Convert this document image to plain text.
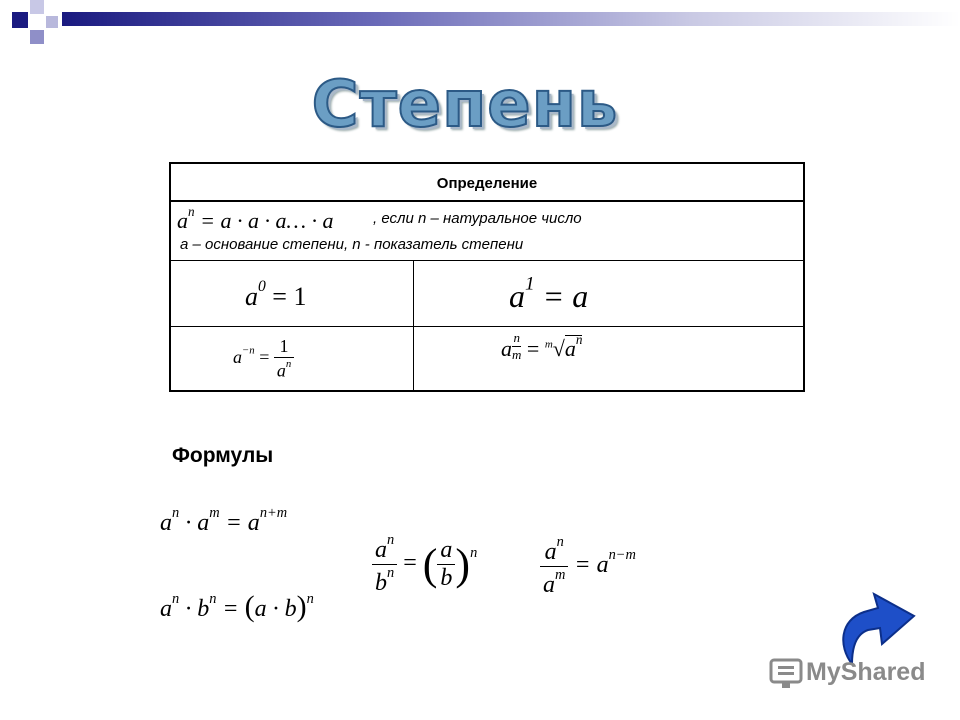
Степень
Определение
$a^n = a \cdot a$ · a… · a	, если n – натуральное число
a – основание степени, n - показатель степени
$a^0 = 1$	$a^1 = a$
$a^{-n} = \frac{1}{a^n}$	a $\frac{n}{m} = ^m√a^n$
Формулы
$a^n \cdot a^m = a^{n+m}$
$a^n \cdot b^n = (a \cdot b)^n$
$\frac{a^n}{b^n}$ = ( $\frac{a}{b} )^n$	$\frac{a^n}{a^m} = a^{n-m}$
MyShared
